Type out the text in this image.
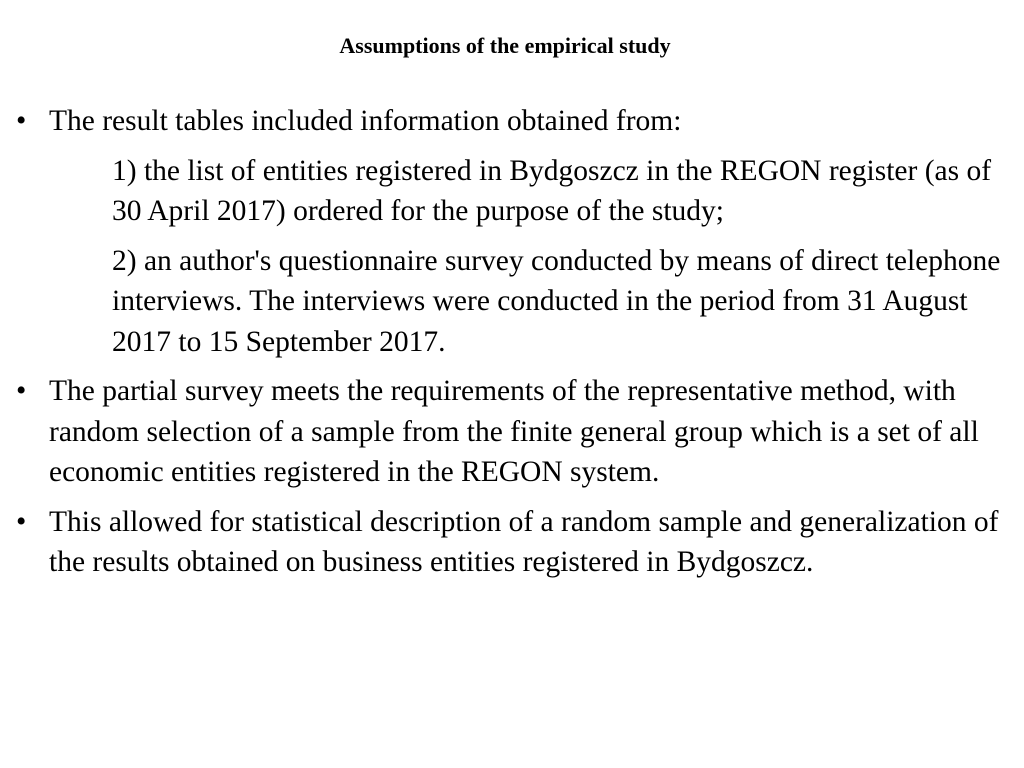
Assumptions of the empirical study
• The result tables included information obtained from:
1) the list of entities registered in Bydgoszcz in the REGON register (as of 30 April 2017) ordered for the purpose of the study;
2) an author's questionnaire survey conducted by means of direct telephone interviews. The interviews were conducted in the period from 31 August 2017 to 15 September 2017.
• The partial survey meets the requirements of the representative method, with random selection of a sample from the finite general group which is a set of all economic entities registered in the REGON system.
• This allowed for statistical description of a random sample and generalization of the results obtained on business entities registered in Bydgoszcz.
